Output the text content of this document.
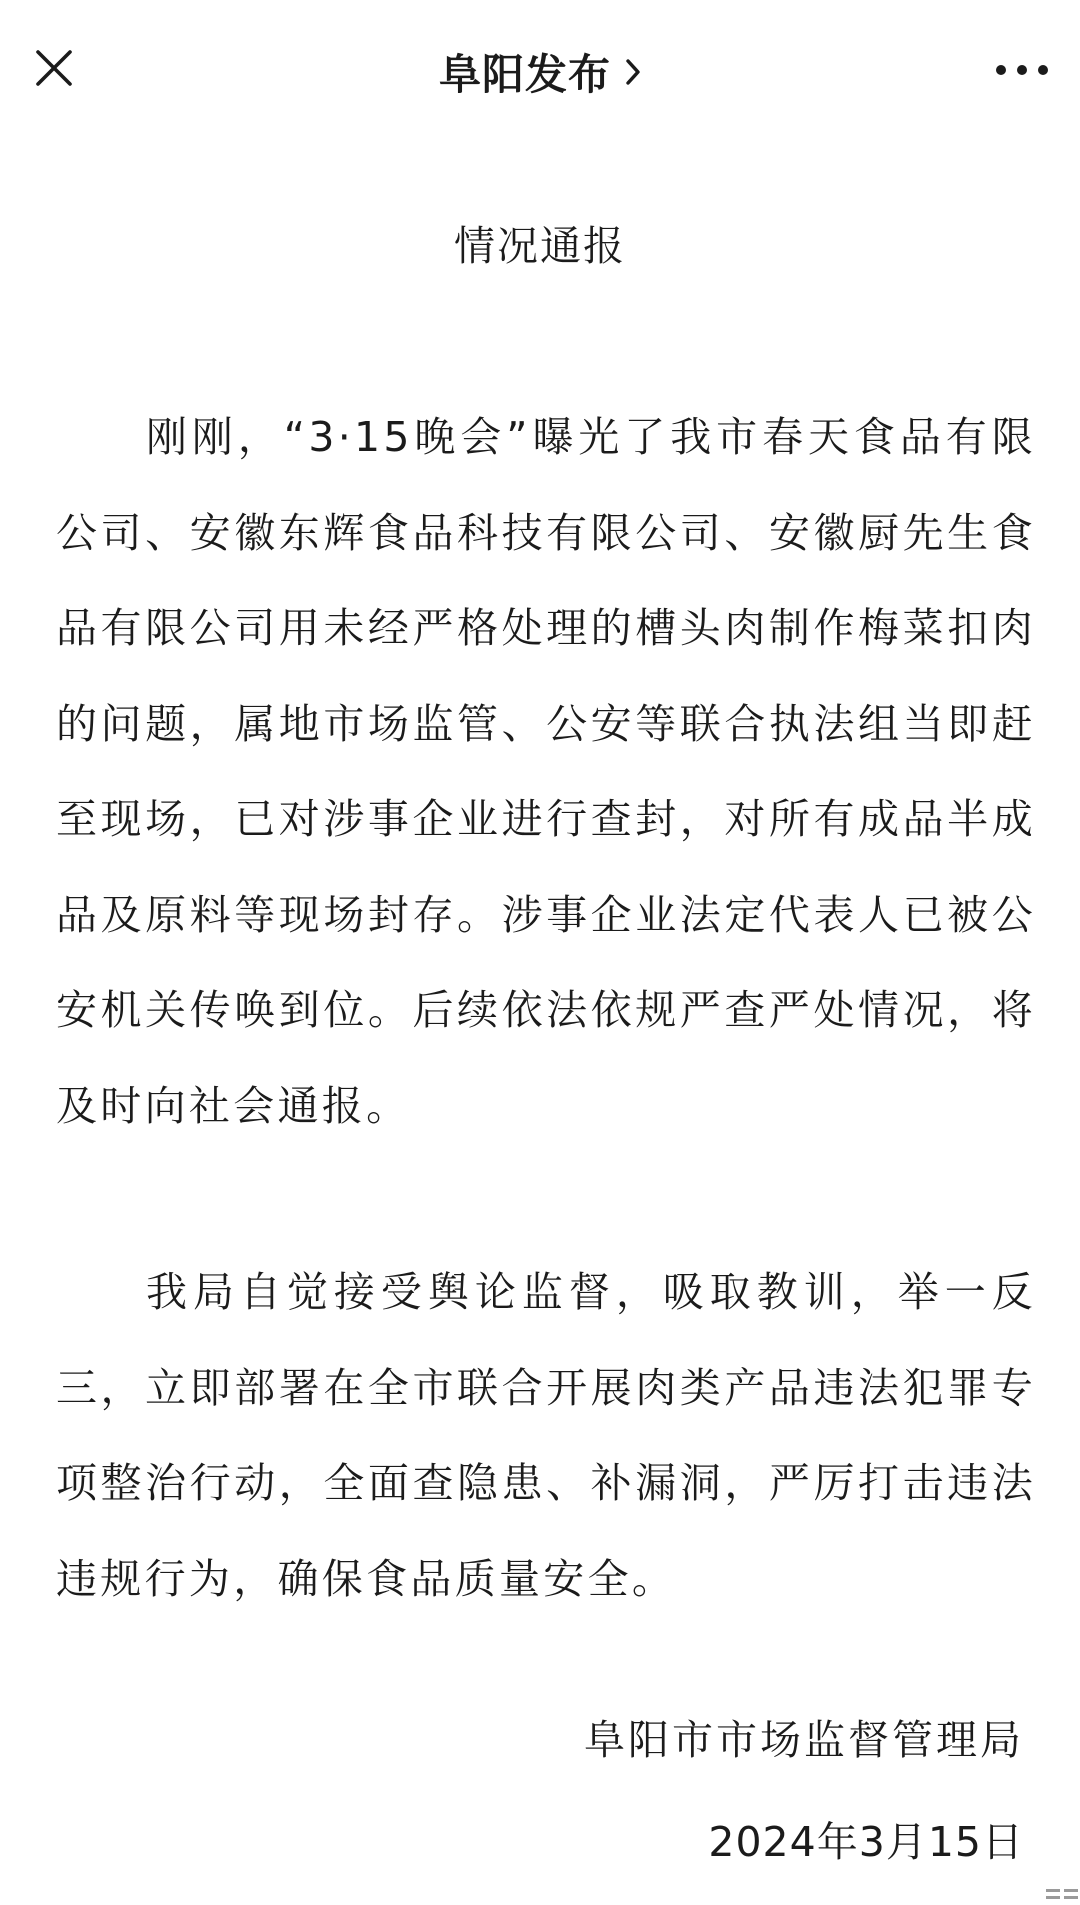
阜阳发布
情况通报

刚刚，“3·15晚会”曝光了我市春天食品有限公司、安徽东辉食品科技有限公司、安徽厨先生食品有限公司用未经严格处理的槽头肉制作梅菜扣肉的问题，属地市场监管、公安等联合执法组当即赶至现场，已对涉事企业进行查封，对所有成品半成品及原料等现场封存。涉事企业法定代表人已被公安机关传唤到位。后续依法依规严查严处情况，将及时向社会通报。

我局自觉接受舆论监督，吸取教训，举一反三，立即部署在全市联合开展肉类产品违法犯罪专项整治行动，全面查隐患、补漏洞，严厉打击违法违规行为，确保食品质量安全。

阜阳市市场监督管理局
2024年3月15日
